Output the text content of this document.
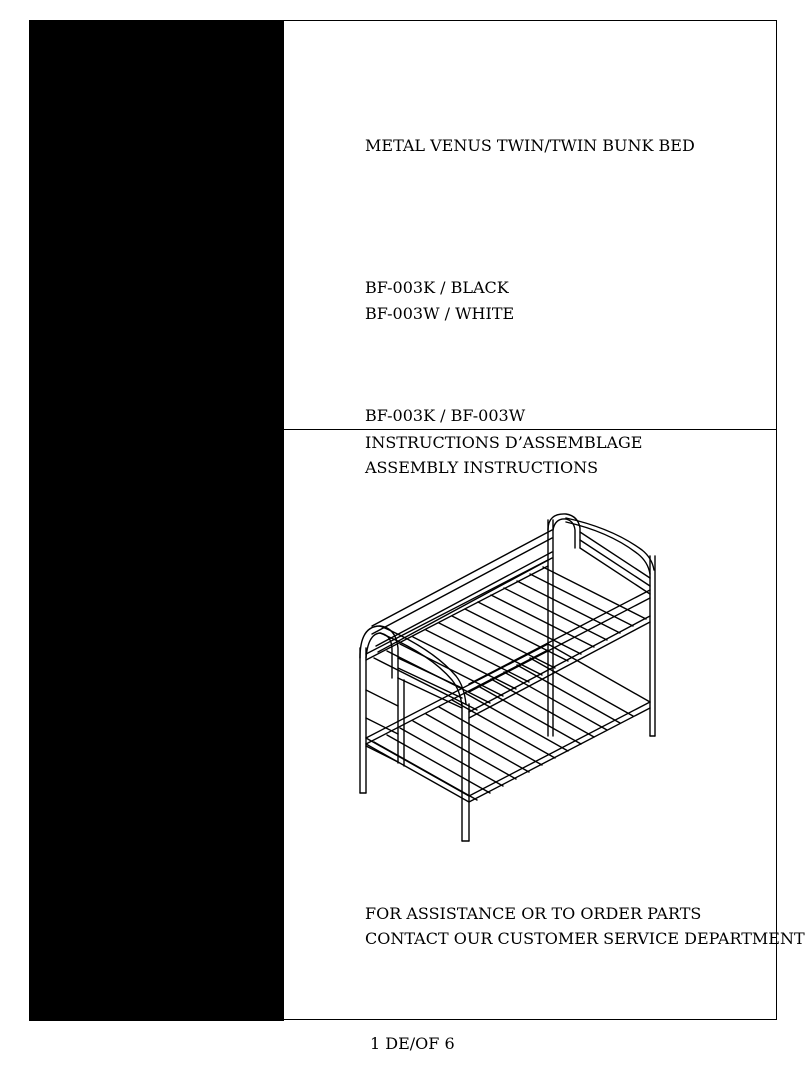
METAL VENUS TWIN/TWIN BUNK BED
BF-003K / BLACK
BF-003W / WHITE
BF-003K / BF-003W
INSTRUCTIONS D’ASSEMBLAGE
ASSEMBLY INSTRUCTIONS
FOR ASSISTANCE OR TO ORDER PARTS
CONTACT OUR CUSTOMER SERVICE DEPARTMENT
1 DE/OF 6
